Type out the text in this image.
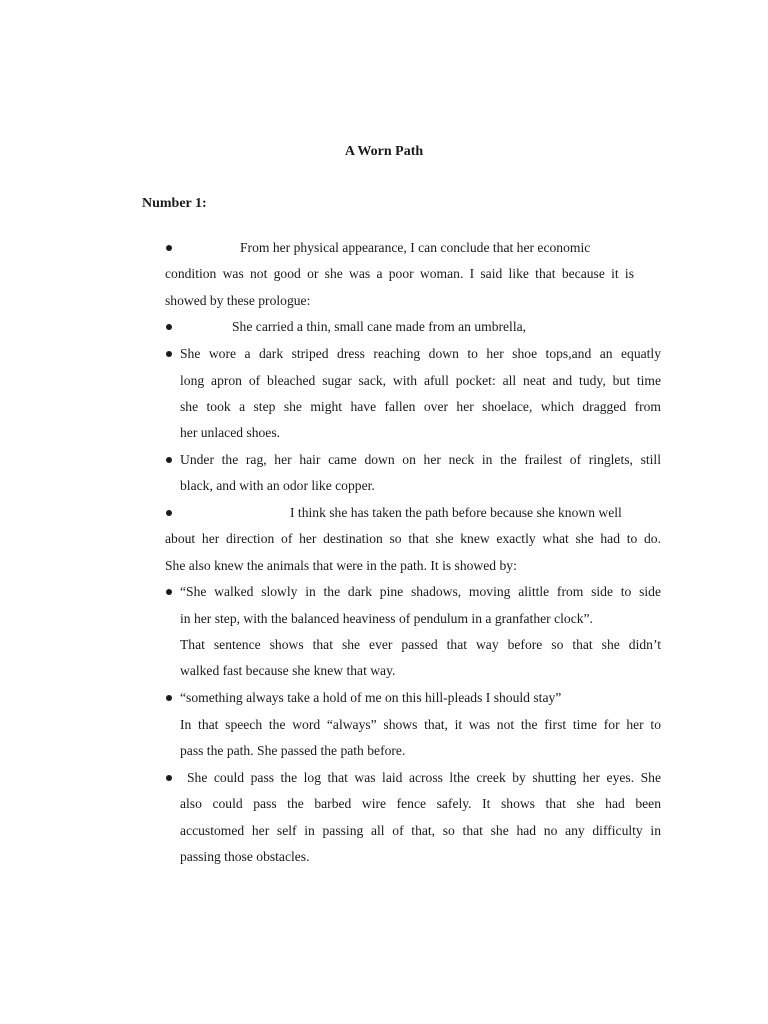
A Worn Path
Number 1:
From her physical appearance, I can conclude that her economic
condition was not good or she was a poor woman. I said like that because it is
showed by these prologue:
She carried a thin, small cane made from an umbrella,
She wore a dark striped dress reaching down to her shoe tops,and an equatly
long apron of bleached sugar sack, with afull pocket: all neat and tudy, but time
she took a step she might have fallen over her shoelace, which dragged from
her unlaced shoes.
Under the rag, her hair came down on her neck in the frailest of ringlets, still
black, and with an odor like copper.
I think she has taken the path before because she known well
about her direction of her destination so that she knew exactly what she had to do.
She also knew the animals that were in the path. It is showed by:
“She walked slowly in the dark pine shadows, moving alittle from side to side
in her step, with the balanced heaviness of pendulum in a granfather clock”.
That sentence shows that she ever passed that way before so that she didn’t
walked fast because she knew that way.
“something always take a hold of me on this hill-pleads I should stay”
In that speech the word “always” shows that, it was not the first time for her to
pass the path. She passed the path before.
She could pass the log that was laid across lthe creek by shutting her eyes. She
also could pass the barbed wire fence safely. It shows that she had been
accustomed her self in passing all of that, so that she had no any difficulty in
passing those obstacles.
